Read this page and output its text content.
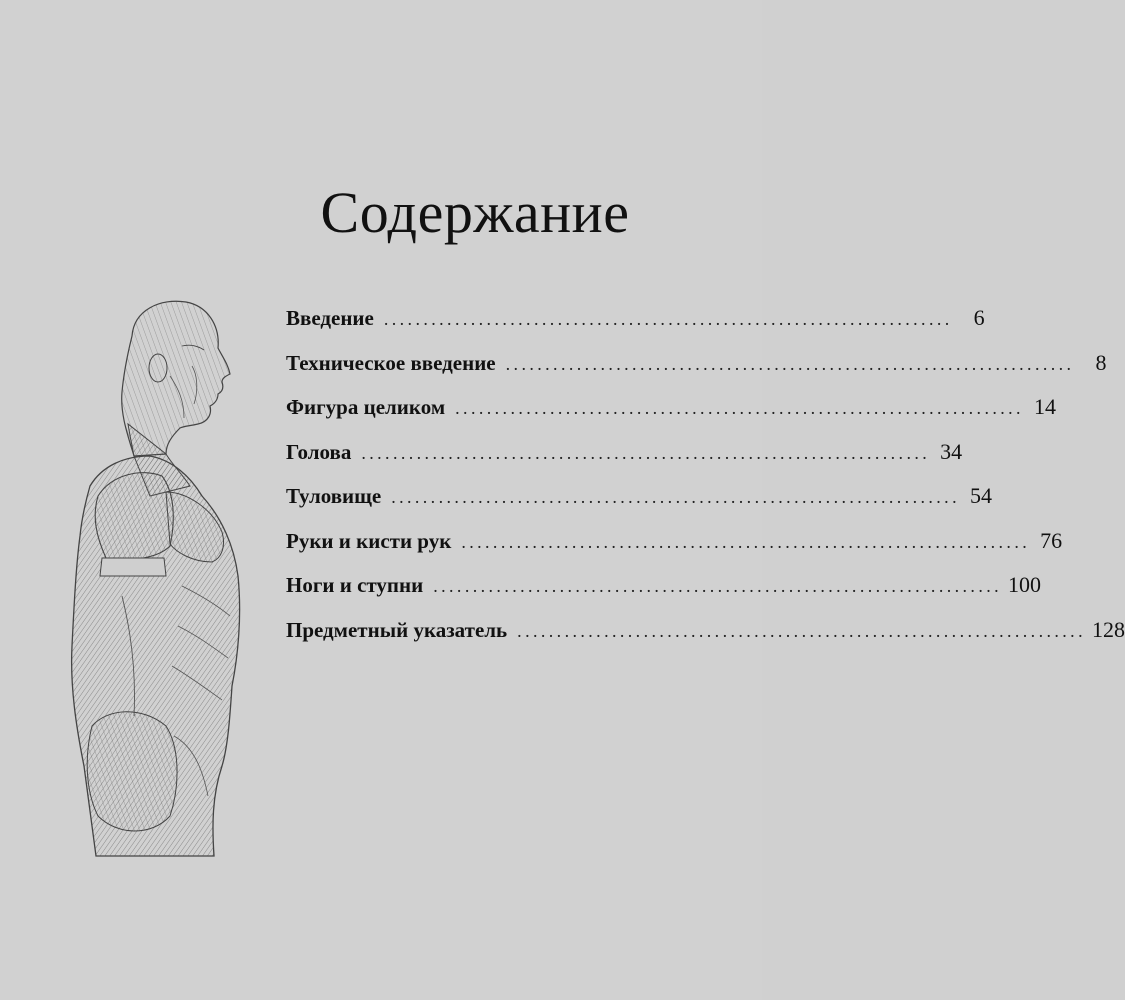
Содержание
Введение ........................................................................ 6
Техническое введение ........................................................................ 8
Фигура целиком ........................................................................ 14
Голова ........................................................................ 34
Туловище ........................................................................ 54
Руки и кисти рук ........................................................................ 76
Ноги и ступни ........................................................................ 100
Предметный указатель ........................................................................ 128
